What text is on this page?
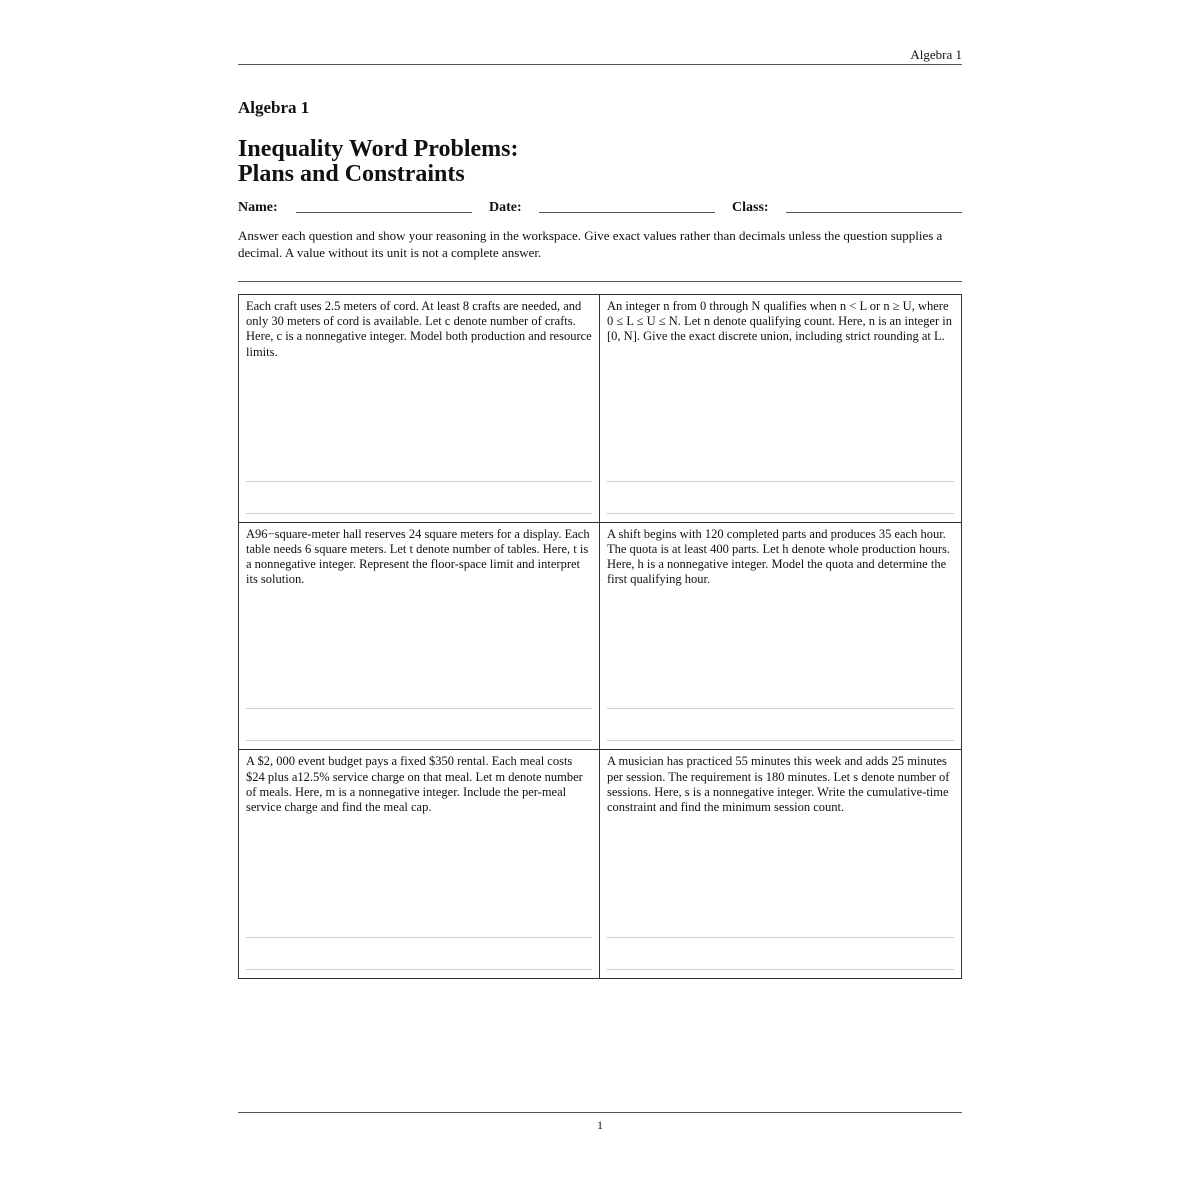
Algebra 1
Algebra 1
Inequality Word Problems:
Plans and Constraints
Name:	Date:	Class:
Answer each question and show your reasoning in the workspace. Give exact values rather than decimals unless the question supplies a decimal. A value without its unit is not a complete answer.

Each craft uses 2.5 meters of cord. At least 8 crafts are needed, and only 30 meters of cord is available. Let c denote number of crafts. Here, c is a nonnegative integer. Model both production and resource limits.

An integer n from 0 through N qualifies when n < L or n ≥ U, where 0 ≤ L ≤ U ≤ N. Let n denote qualifying count. Here, n is an integer in [0, N]. Give the exact discrete union, including strict rounding at L.

A96−square-meter hall reserves 24 square meters for a display. Each table needs 6 square meters. Let t denote number of tables. Here, t is a nonnegative integer. Represent the floor-space limit and interpret its solution.

A shift begins with 120 completed parts and produces 35 each hour. The quota is at least 400 parts. Let h denote whole production hours. Here, h is a nonnegative integer. Model the quota and determine the first qualifying hour.

A $2, 000 event budget pays a fixed $350 rental. Each meal costs $24 plus a12.5% service charge on that meal. Let m denote number of meals. Here, m is a nonnegative integer. Include the per-meal service charge and find the meal cap.

A musician has practiced 55 minutes this week and adds 25 minutes per session. The requirement is 180 minutes. Let s denote number of sessions. Here, s is a nonnegative integer. Write the cumulative-time constraint and find the minimum session count.

1
